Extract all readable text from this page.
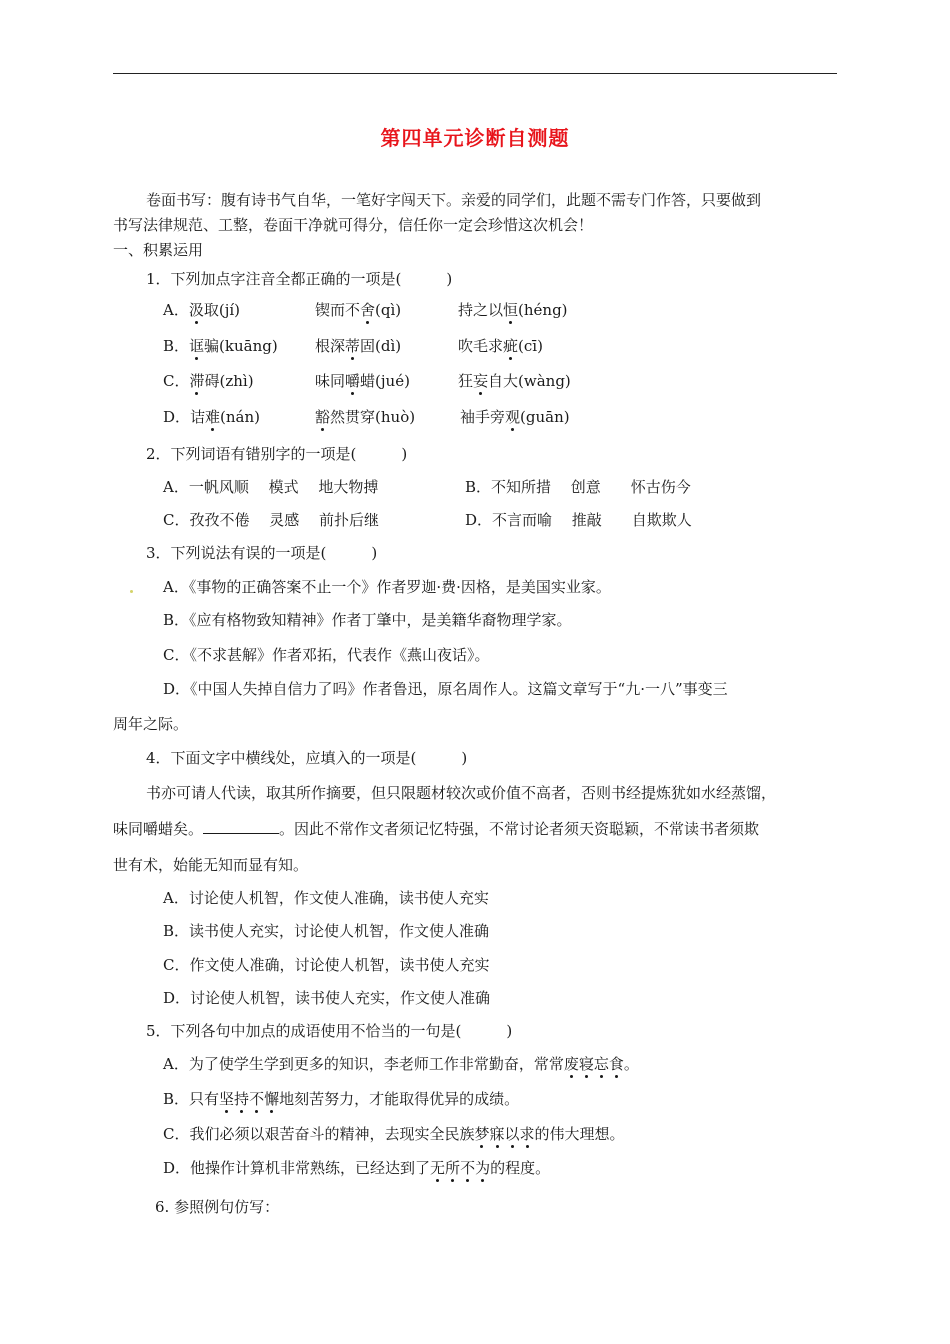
第四单元诊断自测题
卷面书写：腹有诗书气自华，一笔好字闯天下。亲爱的同学们，此题不需专门作答，只要做到
书写法律规范、工整，卷面干净就可得分，信任你一定会珍惜这次机会！
一、积累运用
1．下列加点字注音全都正确的一项是(　　　)
A．汲取(jí)	锲而不舍(qì)	持之以恒(héng)
B．诓骗(kuāng) 根深蒂固(dì)	吹毛求疵(cī)
C．滞碍(zhì)	味同嚼蜡(jué)	狂妄自大(wàng)
D．诘难(nán)	豁然贯穿(huò)	袖手旁观(guān)
2．下列词语有错别字的一项是(　　　)
A．一帆风顺　 模式　 地大物搏	B．不知所措　 创意　　怀古伤今
C．孜孜不倦　 灵感　 前扑后继	D．不言而喻　 推敲　　自欺欺人
3．下列说法有误的一项是(　　　)
A．《事物的正确答案不止一个》作者罗迦·费·因格，是美国实业家。
B．《应有格物致知精神》作者丁肇中，是美籍华裔物理学家。
C．《不求甚解》作者邓拓，代表作《燕山夜话》。
D．《中国人失掉自信力了吗》作者鲁迅，原名周作人。这篇文章写于“九·一八”事变三
周年之际。
4．下面文字中横线处，应填入的一项是(　　　)
书亦可请人代读，取其所作摘要，但只限题材较次或价值不高者，否则书经提炼犹如水经蒸馏，
味同嚼蜡矣。	。因此不常作文者须记忆特强，不常讨论者须天资聪颖，不常读书者须欺
世有术，始能无知而显有知。
A．讨论使人机智，作文使人准确，读书使人充实
B．读书使人充实，讨论使人机智，作文使人准确
C．作文使人准确，讨论使人机智，读书使人充实
D．讨论使人机智，读书使人充实，作文使人准确
5．下列各句中加点的成语使用不恰当的一句是(　　　)
A．为了使学生学到更多的知识，李老师工作非常勤奋，常常废寝忘食。
B．只有坚持不懈地刻苦努力，才能取得优异的成绩。
C．我们必须以艰苦奋斗的精神，去现实全民族梦寐以求的伟大理想。
D．他操作计算机非常熟练，已经达到了无所不为的程度。
6. 参照例句仿写：
